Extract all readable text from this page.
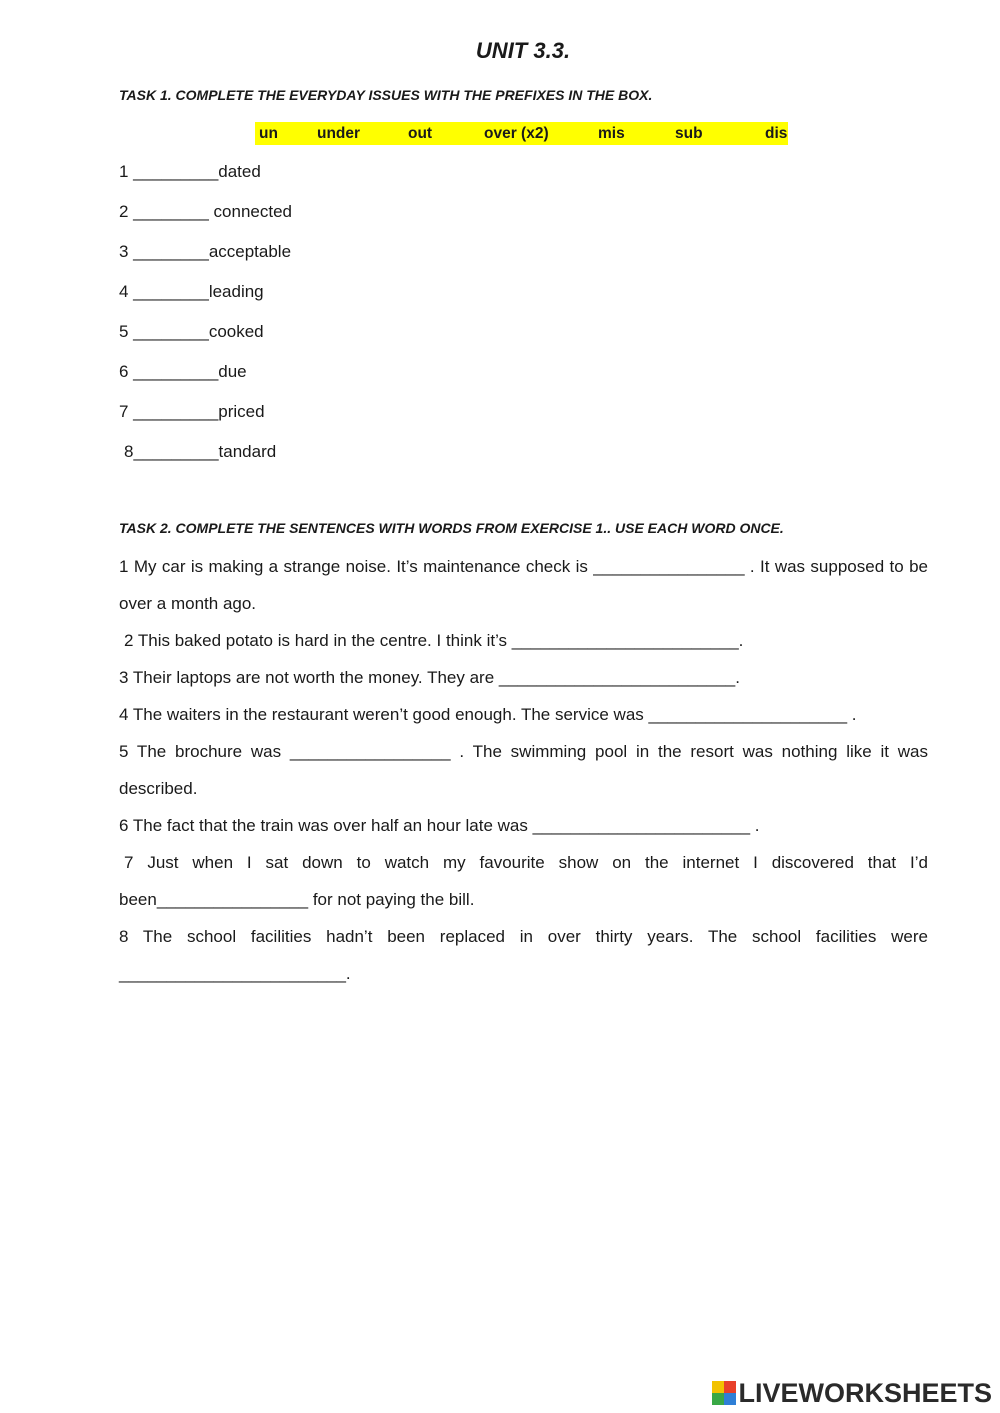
UNIT 3.3.

TASK 1. COMPLETE THE EVERYDAY ISSUES WITH THE PREFIXES IN THE BOX.

un	under	out	over (x2)	mis	sub	dis

1 _________dated

2 ________ connected

3 ________acceptable

4 ________leading

5 ________cooked

6 _________due

7 _________priced

8_________tandard

TASK 2. COMPLETE THE SENTENCES WITH WORDS FROM EXERCISE 1.. USE EACH WORD ONCE.

1 My car is making a strange noise. It’s maintenance check is ________________ . It was supposed to be over a month ago.

2 This baked potato is hard in the centre. I think it’s ________________________.

3 Their laptops are not worth the money. They are _________________________.

4 The waiters in the restaurant weren’t good enough. The service was _____________________ .

5 The brochure was _________________ . The swimming pool in the resort was nothing like it was described.

6 The fact that the train was over half an hour late was _______________________ .

7 Just when I sat down to watch my favourite show on the internet I discovered that I’d been________________ for not paying the bill.

8 The school facilities hadn’t been replaced in over thirty years. The school facilities were ________________________.

LIVEWORKSHEETS
